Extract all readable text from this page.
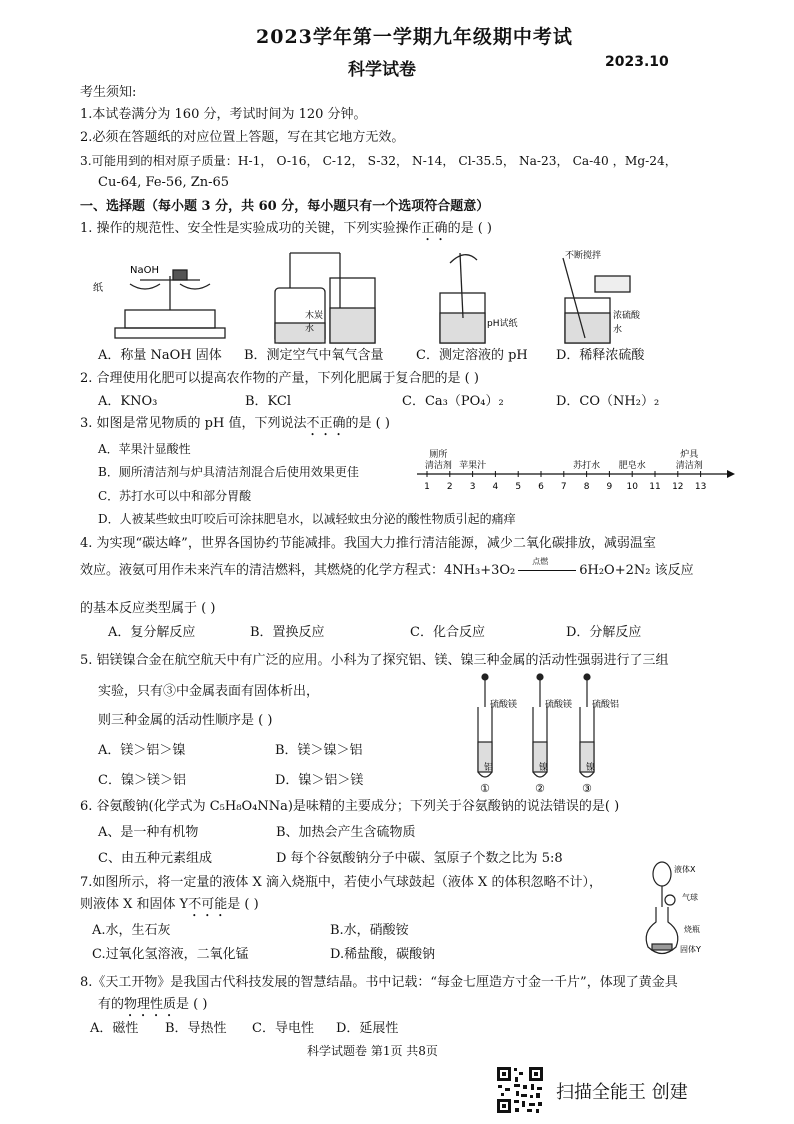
2023学年第一学期九年级期中考试
科学试卷	2023.10
考生须知:
1.本试卷满分为 160 分，考试时间为 120 分钟。
2.必须在答题纸的对应位置上答题，写在其它地方无效。
3.可能用到的相对原子质量：H-1， O-16， C-12， S-32， N-14， Cl-35.5， Na-23， Ca-40 ，Mg-24，
Cu-64, Fe-56, Zn-65
一、选择题（每小题 3 分，共 60 分，每小题只有一个选项符合题意）
1. 操作的规范性、安全性是实验成功的关键，下列实验操作正确的是 ( )
NaOH
纸
木炭
水	pH试纸
不断搅拌
浓硫酸
水
A．称量 NaOH 固体 B．测定空气中氧气含量 C．测定溶液的 pH D．稀释浓硫酸
2. 合理使用化肥可以提高农作物的产量，下列化肥属于复合肥的是 ( )
A．KNO₃	B．KCl	C．Ca₃（PO₄）₂	D．CO（NH₂）₂
3. 如图是常见物质的 pH 值，下列说法不正确的是 ( )
A．苹果汁显酸性
B．厕所清洁剂与炉具清洁剂混合后使用效果更佳
C．苏打水可以中和部分胃酸
D．人被某些蚊虫叮咬后可涂抹肥皂水，以减轻蚊虫分泌的酸性物质引起的痛痒
1 2 3 4 5 6 7 8 9 10 11 12 13
厕所
清洁剂 苹果汁	苏打水 肥皂水
炉具
清洁剂
4. 为实现“碳达峰”，世界各国协约节能减排。我国大力推行清洁能源，减少二氧化碳排放，减弱温室
效应。液氨可用作未来汽车的清洁燃料，其燃烧的化学方程式：4NH₃+3O₂
点燃
6H₂O+2N₂ 该反应
的基本反应类型属于 ( )
A．复分解反应	B．置换反应	C．化合反应	D．分解反应
5. 铝镁镍合金在航空航天中有广泛的应用。小科为了探究铝、镁、镍三种金属的活动性强弱进行了三组
实验，只有③中金属表面有固体析出，
则三种金属的活动性顺序是 ( )
A．镁＞铝＞镍	B．镁＞镍＞铝
C．镍＞镁＞铝	D．镍＞铝＞镁
硫酸镁	硫酸镁 硫酸铝
铝	镍	镍
①	②	③
6. 谷氨酸钠(化学式为 C₅H₈O₄NNa)是味精的主要成分；下列关于谷氨酸钠的说法错误的是( )
A、是一种有机物	B、加热会产生含硫物质
C、由五种元素组成	D 每个谷氨酸钠分子中碳、氢原子个数之比为 5:8
7.如图所示，将一定量的液体 X 滴入烧瓶中，若使小气球鼓起（液体 X 的体积忽略不计），
则液体 X 和固体 Y不可能是 ( )
A.水，生石灰	B.水，硝酸铵
C.过氧化氢溶液，二氧化锰	D.稀盐酸，碳酸钠
液体X
气球
烧瓶
固体Y
8.《天工开物》是我国古代科技发展的智慧结晶。书中记载：“每金七厘造方寸金一千片”，体现了黄金具
有的物理性质是 ( )
A．磁性 B．导热性 C．导电性 D．延展性
科学试题卷 第1页 共8页
扫描全能王 创建
